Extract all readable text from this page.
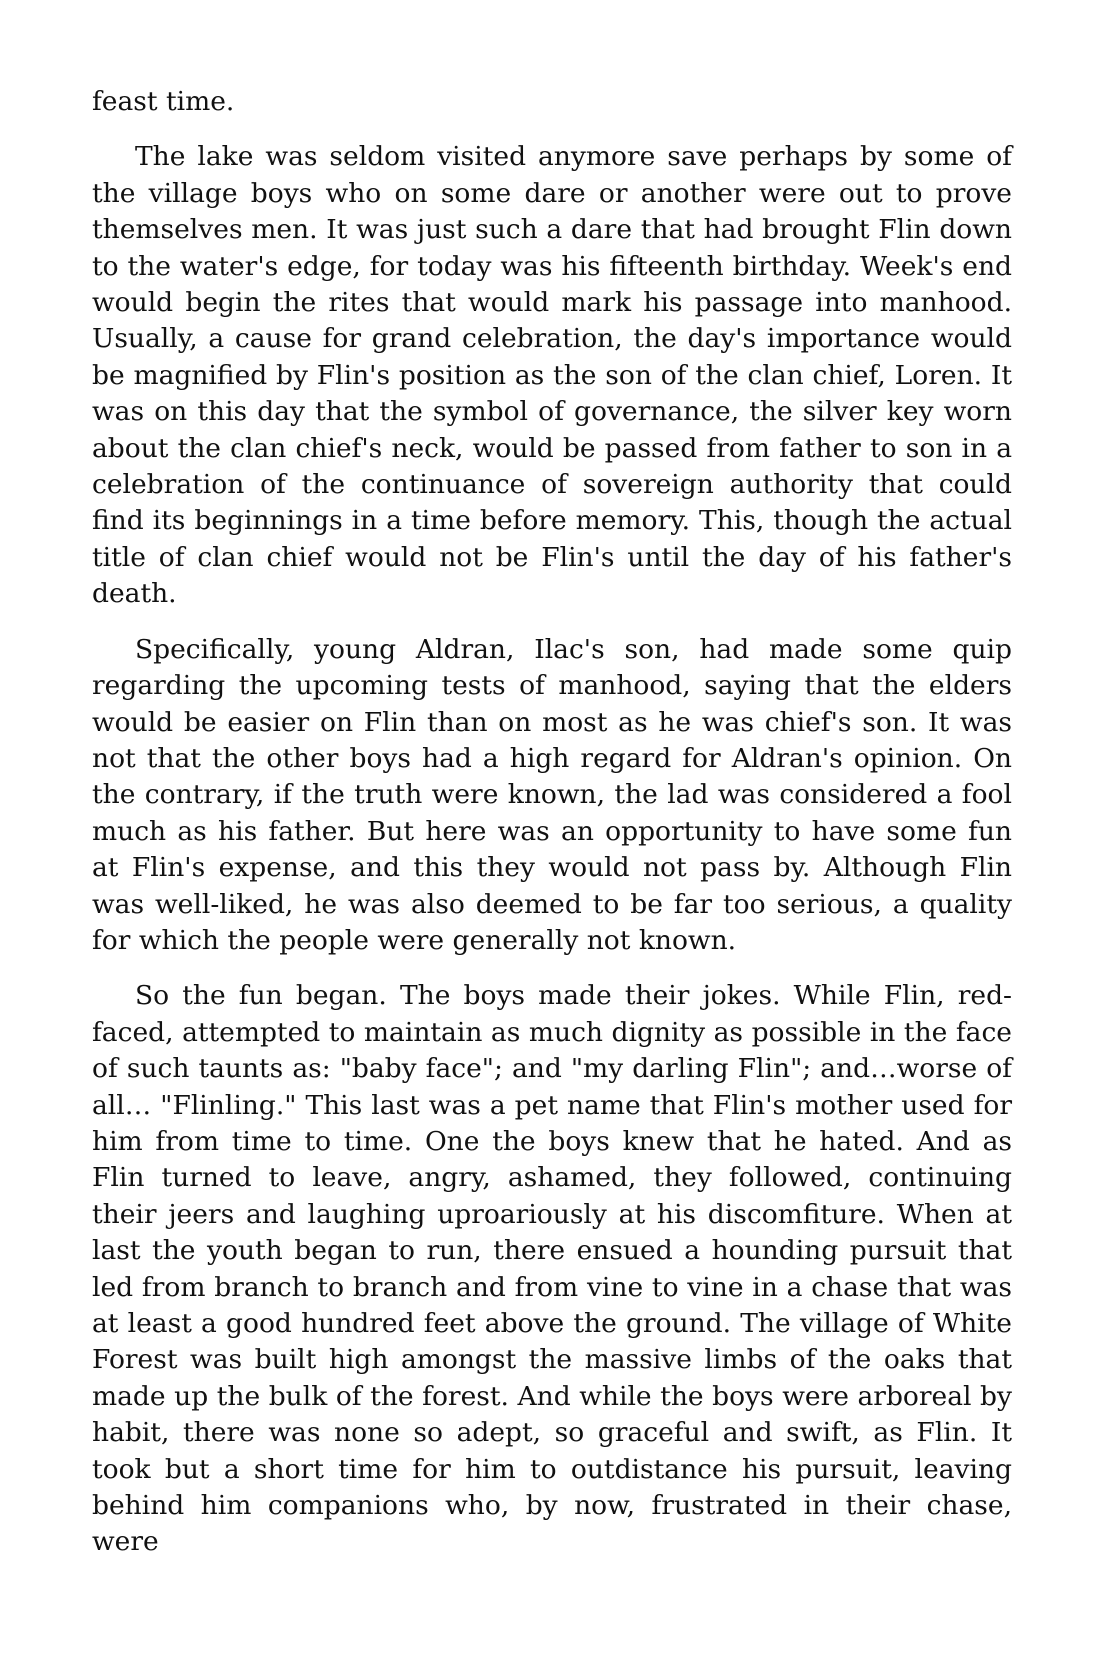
feast time.

The lake was seldom visited anymore save perhaps by some of the village boys who on some dare or another were out to prove themselves men. It was just such a dare that had brought Flin down to the water's edge, for today was his fifteenth birthday. Week's end would begin the rites that would mark his passage into manhood. Usually, a cause for grand celebration, the day's importance would be magnified by Flin's position as the son of the clan chief, Loren. It was on this day that the symbol of governance, the silver key worn about the clan chief's neck, would be passed from father to son in a celebration of the continuance of sovereign authority that could find its beginnings in a time before memory. This, though the actual title of clan chief would not be Flin's until the day of his father's death.

Specifically, young Aldran, Ilac's son, had made some quip regarding the upcoming tests of manhood, saying that the elders would be easier on Flin than on most as he was chief's son. It was not that the other boys had a high regard for Aldran's opinion. On the contrary, if the truth were known, the lad was considered a fool much as his father. But here was an opportunity to have some fun at Flin's expense, and this they would not pass by. Although Flin was well-liked, he was also deemed to be far too serious, a quality for which the people were generally not known.

So the fun began. The boys made their jokes. While Flin, red-faced, attempted to maintain as much dignity as possible in the face of such taunts as: "baby face"; and "my darling Flin"; and…worse of all… "Flinling." This last was a pet name that Flin's mother used for him from time to time. One the boys knew that he hated. And as Flin turned to leave, angry, ashamed, they followed, continuing their jeers and laughing uproariously at his discomfiture. When at last the youth began to run, there ensued a hounding pursuit that led from branch to branch and from vine to vine in a chase that was at least a good hundred feet above the ground. The village of White Forest was built high amongst the massive limbs of the oaks that made up the bulk of the forest. And while the boys were arboreal by habit, there was none so adept, so graceful and swift, as Flin. It took but a short time for him to outdistance his pursuit, leaving behind him companions who, by now, frustrated in their chase, were
